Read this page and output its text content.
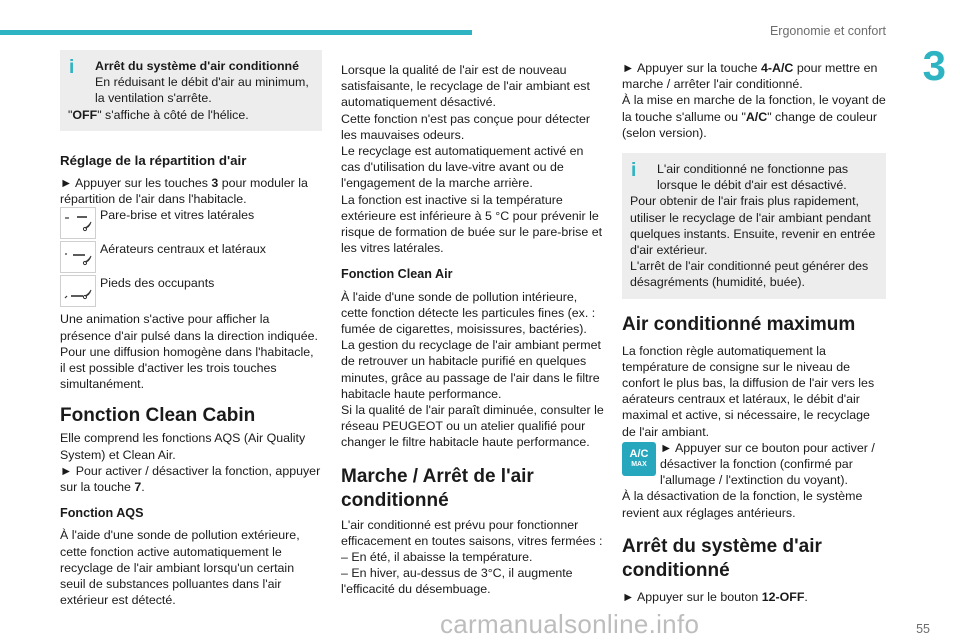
Ergonomie et confort
3
i Arrêt du système d'air conditionné

En réduisant le débit d'air au minimum, la ventilation s'arrête.

"OFF" s'affiche à côté de l'hélice.

Réglage de la répartition d'air

► Appuyer sur les touches 3 pour moduler la répartition de l'air dans l'habitacle.

Pare-brise et vitres latérales
Aérateurs centraux et latéraux
Pieds des occupants

Une animation s'active pour afficher la présence d'air pulsé dans la direction indiquée.

Pour une diffusion homogène dans l'habitacle, il est possible d'activer les trois touches simultanément.

Fonction Clean Cabin

Elle comprend les fonctions AQS (Air Quality System) et Clean Air.

► Pour activer / désactiver la fonction, appuyer sur la touche 7.

Fonction AQS

À l'aide d'une sonde de pollution extérieure, cette fonction active automatiquement le recyclage de l'air ambiant lorsqu'un certain seuil de substances polluantes dans l'air extérieur est détecté.

Lorsque la qualité de l'air est de nouveau satisfaisante, le recyclage de l'air ambiant est automatiquement désactivé.

Cette fonction n'est pas conçue pour détecter les mauvaises odeurs.

Le recyclage est automatiquement activé en cas d'utilisation du lave-vitre avant ou de l'engagement de la marche arrière.

La fonction est inactive si la température extérieure est inférieure à 5 °C pour prévenir le risque de formation de buée sur le pare-brise et les vitres latérales.

Fonction Clean Air

À l'aide d'une sonde de pollution intérieure, cette fonction détecte les particules fines (ex. : fumée de cigarettes, moisissures, bactéries).

La gestion du recyclage de l'air ambiant permet de retrouver un habitacle purifié en quelques minutes, grâce au passage de l'air dans le filtre habitacle haute performance.

Si la qualité de l'air paraît diminuée, consulter le réseau PEUGEOT ou un atelier qualifié pour changer le filtre habitacle haute performance.

Marche / Arrêt de l'air conditionné

L'air conditionné est prévu pour fonctionner efficacement en toutes saisons, vitres fermées :

– En été, il abaisse la température.

– En hiver, au-dessus de 3°C, il augmente l'efficacité du désembuage.

► Appuyer sur la touche 4-A/C pour mettre en marche / arrêter l'air conditionné.

À la mise en marche de la fonction, le voyant de la touche s'allume ou "A/C" change de couleur (selon version).

i	L'air conditionné ne fonctionne pas lorsque le débit d'air est désactivé.

Pour obtenir de l'air frais plus rapidement, utiliser le recyclage de l'air ambiant pendant quelques instants. Ensuite, revenir en entrée d'air extérieur.

L'arrêt de l'air conditionné peut générer des désagréments (humidité, buée).

Air conditionné maximum

La fonction règle automatiquement la température de consigne sur le niveau de confort le plus bas, la diffusion de l'air vers les aérateurs centraux et latéraux, le débit d'air maximal et active, si nécessaire, le recyclage de l'air ambiant.

A/C
MAX

► Appuyer sur ce bouton pour activer / désactiver la fonction (confirmé par l'allumage / l'extinction du voyant).

À la désactivation de la fonction, le système revient aux réglages antérieurs.

Arrêt du système d'air conditionné

► Appuyer sur le bouton 12-OFF.

carmanualsonline.info	55
